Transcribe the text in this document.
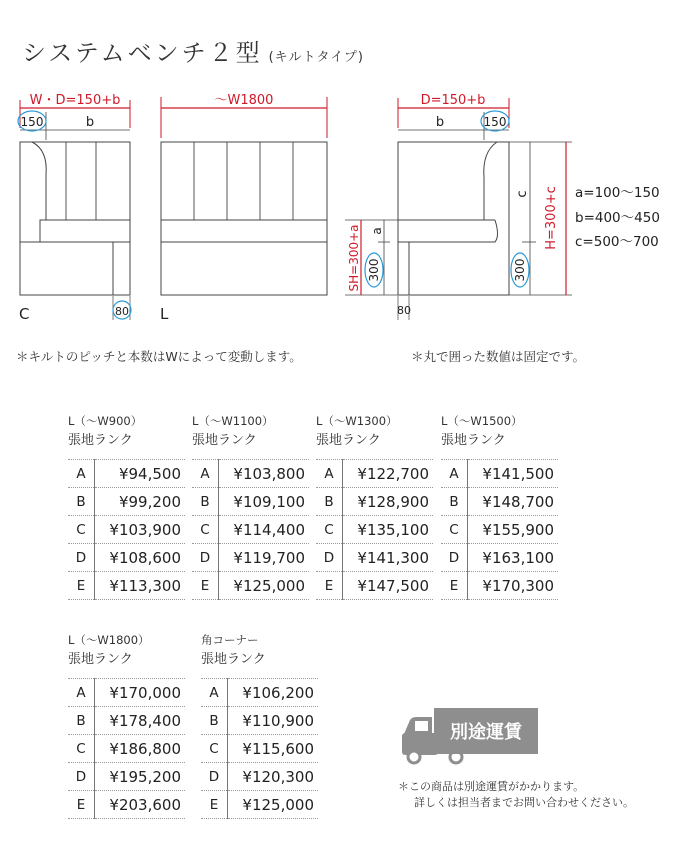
システムベンチ２型 (キルトタイプ)
W・D=150+b
150	b
80
C
〜W1800
L
D=150+b
b	150
80
c
300
H=300+c
SH=300+a a
300
a=100〜150
b=400〜450
c=500〜700
＊キルトのピッチと本数はWによって変動します。	＊丸で囲った数値は固定です。
L（〜W900）
張地ランク
A	¥94,500
B	¥99,200
C	¥103,900
D	¥108,600
E	¥113,300
L（〜W1100）
張地ランク
A	¥103,800
B	¥109,100
C	¥114,400
D	¥119,700
E	¥125,000
L（〜W1300）
張地ランク
A	¥122,700
B	¥128,900
C	¥135,100
D	¥141,300
E	¥147,500
L（〜W1500）
張地ランク
A	¥141,500
B	¥148,700
C	¥155,900
D	¥163,100
E	¥170,300
L（〜W1800）
張地ランク
A	¥170,000
B	¥178,400
C	¥186,800
D	¥195,200
E	¥203,600
角コーナー
張地ランク
A	¥106,200
B	¥110,900
C	¥115,600
D	¥120,300
E	¥125,000
別途運賃
＊この商品は別途運賃がかかります。
詳しくは担当者までお問い合わせください。
